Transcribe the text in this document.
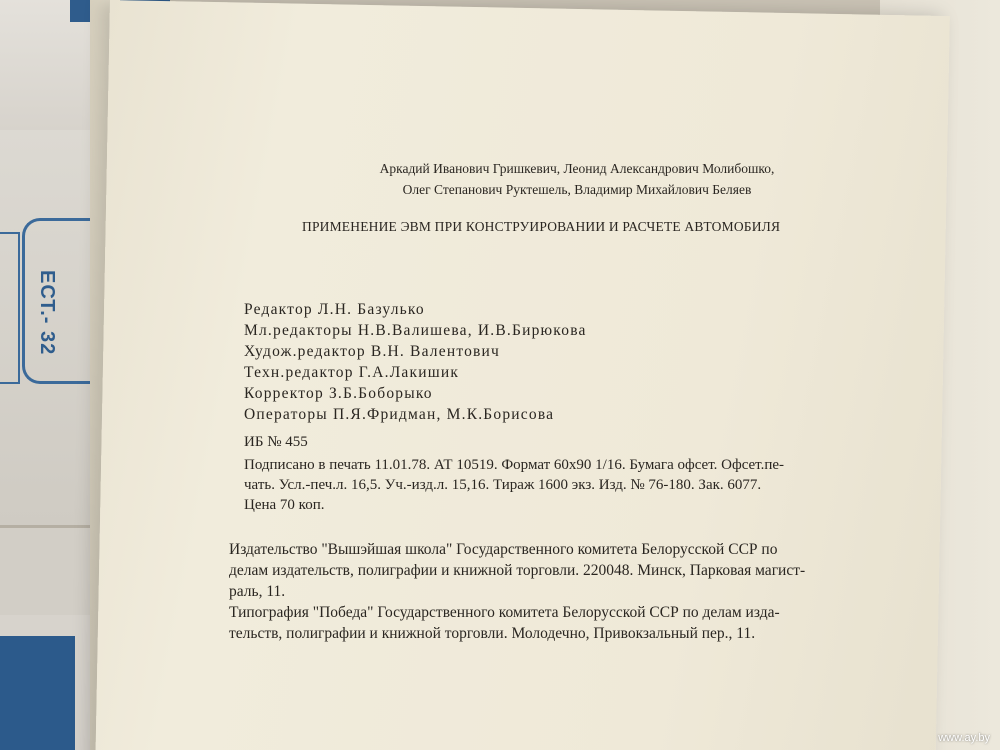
ЕСТ.- 32
Аркадий Иванович Гришкевич, Леонид Александрович Молибошко,
Олег Степанович Руктешель, Владимир Михайлович Беляев
ПРИМЕНЕНИЕ ЭВМ ПРИ КОНСТРУИРОВАНИИ И РАСЧЕТЕ АВТОМОБИЛЯ
Редактор Л.Н. Базулько
Мл.редакторы Н.В.Валишева, И.В.Бирюкова
Худож.редактор В.Н. Валентович
Техн.редактор Г.А.Лакишик
Корректор З.Б.Боборыко
Операторы П.Я.Фридман, М.К.Борисова
ИБ № 455
Подписано в печать 11.01.78. АТ 10519. Формат 60х90 1/16. Бумага офсет. Офсет.пе-
чать. Усл.-печ.л. 16,5. Уч.-изд.л. 15,16. Тираж 1600 экз. Изд. № 76-180. Зак. 6077.
Цена 70 коп.
Издательство "Вышэйшая школа" Государственного комитета Белорусской ССР по
делам издательств, полиграфии и книжной торговли. 220048. Минск, Парковая магист-
раль, 11.
Типография "Победа" Государственного комитета Белорусской ССР по делам изда-
тельств, полиграфии и книжной торговли. Молодечно, Привокзальный пер., 11.
www.ay.by
